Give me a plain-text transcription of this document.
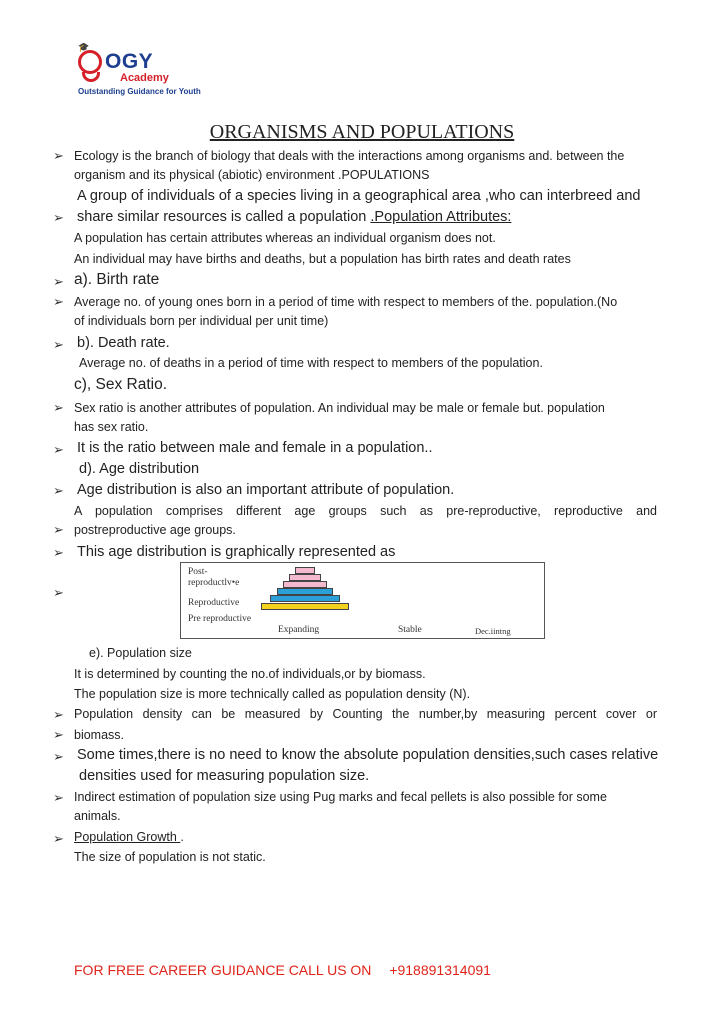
🎓
OGY
Academy
Outstanding Guidance for Youth
ORGANISMS AND POPULATIONS
➢
➢
➢
➢
➢
➢
➢
➢
➢
➢
➢
➢
➢
➢
➢
➢
Ecology is the branch of biology that deals with the interactions among organisms and. between the
organism and its physical (abiotic) environment .POPULATIONS
A group of individuals of a species living in a geographical area ,who can interbreed and
share similar resources is called a population .Population Attributes:
A population has certain attributes whereas an individual organism does not.
An individual may have births and deaths, but a population has birth rates and death rates
a). Birth rate
Average no. of young ones born in a period of time with respect to members of the. population.(No
of individuals born per individual per unit time)
b). Death rate.
Average no. of deaths in a period of time with respect to members of the population.
c), Sex Ratio.
Sex ratio is another attributes of population. An individual may be male or female but. population
has sex ratio.
It is the ratio between male and female in a population..
d). Age distribution
Age distribution is also an important attribute of population.
A population comprises different age groups such as pre-reproductive, reproductive and
postreproductive age groups.
This age distribution is graphically represented as
Post-
reproductlv•e
Reproductive
Pre reproductive
Expanding	Stable	Dec.iintng
e). Population size
It is determined by counting the no.of individuals,or by biomass.
The population size is more technically called as population density (N).
Population density can be measured by Counting the number,by measuring percent cover or
biomass.
Some times,there is no need to know the absolute population densities,such cases relative
densities used for measuring population size.
Indirect estimation of population size using Pug marks and fecal pellets is also possible for some
animals.
Population Growth .
The size of population is not static.
FOR FREE CAREER GUIDANCE CALL US ON +918891314091
